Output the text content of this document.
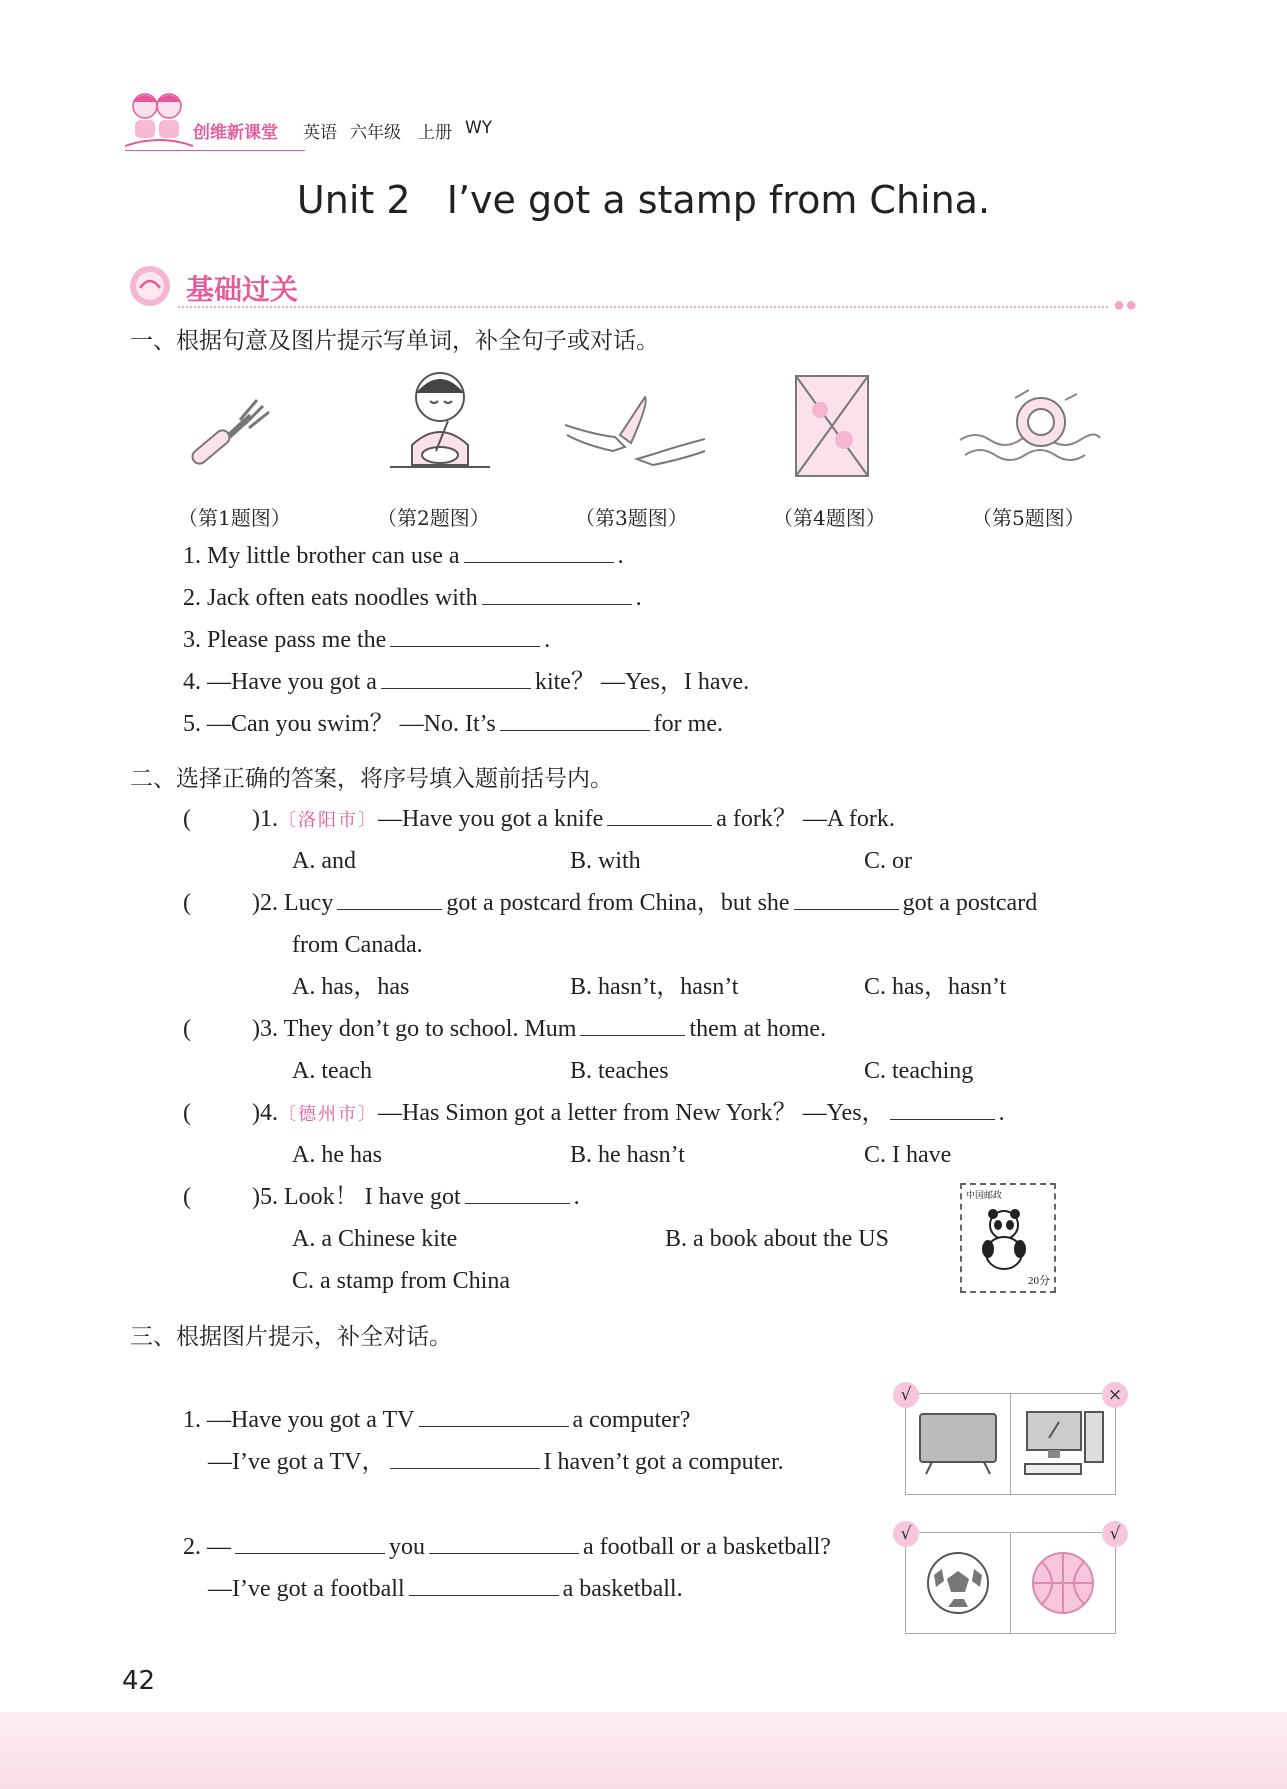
创维新课堂 英语 六年级 上册 WY
Unit 2   I’ve got a stamp from China.
基础过关	●●
一、根据句意及图片提示写单词，补全句子或对话。
（第1题图）	（第2题图）	（第3题图）	（第4题图）	（第5题图）
1. My little brother can use a	.
2. Jack often eats noodles with	.
3. Please pass me the	.
4. —Have you got a	kite？ —Yes，I have.
5. —Can you swim？ —No. It’s	for me.
二、选择正确的答案，将序号填入题前括号内。
(	)1.〔洛阳市〕—Have you got a knife	a fork？ —A fork.
A. and	B. with	C. or
(	)2. Lucy	got a postcard from China，but she	got a postcard
from Canada.
A. has，has	B. hasn’t，hasn’t	C. has，hasn’t
(	)3. They don’t go to school. Mum	them at home.
A. teach	B. teaches	C. teaching
(	)4.〔德州市〕—Has Simon got a letter from New York？ —Yes，	.
A. he has	B. he hasn’t	C. I have
(	)5. Look！ I have got	.
A. a Chinese kite	B. a book about the US
C. a stamp from China
中国邮政
20分
三、根据图片提示，补全对话。
1. —Have you got a TV	a computer?
—I’ve got a TV，	I haven’t got a computer.
√	×
2. —	you	a football or a basketball?
—I’ve got a football	a basketball.
√	√
42
